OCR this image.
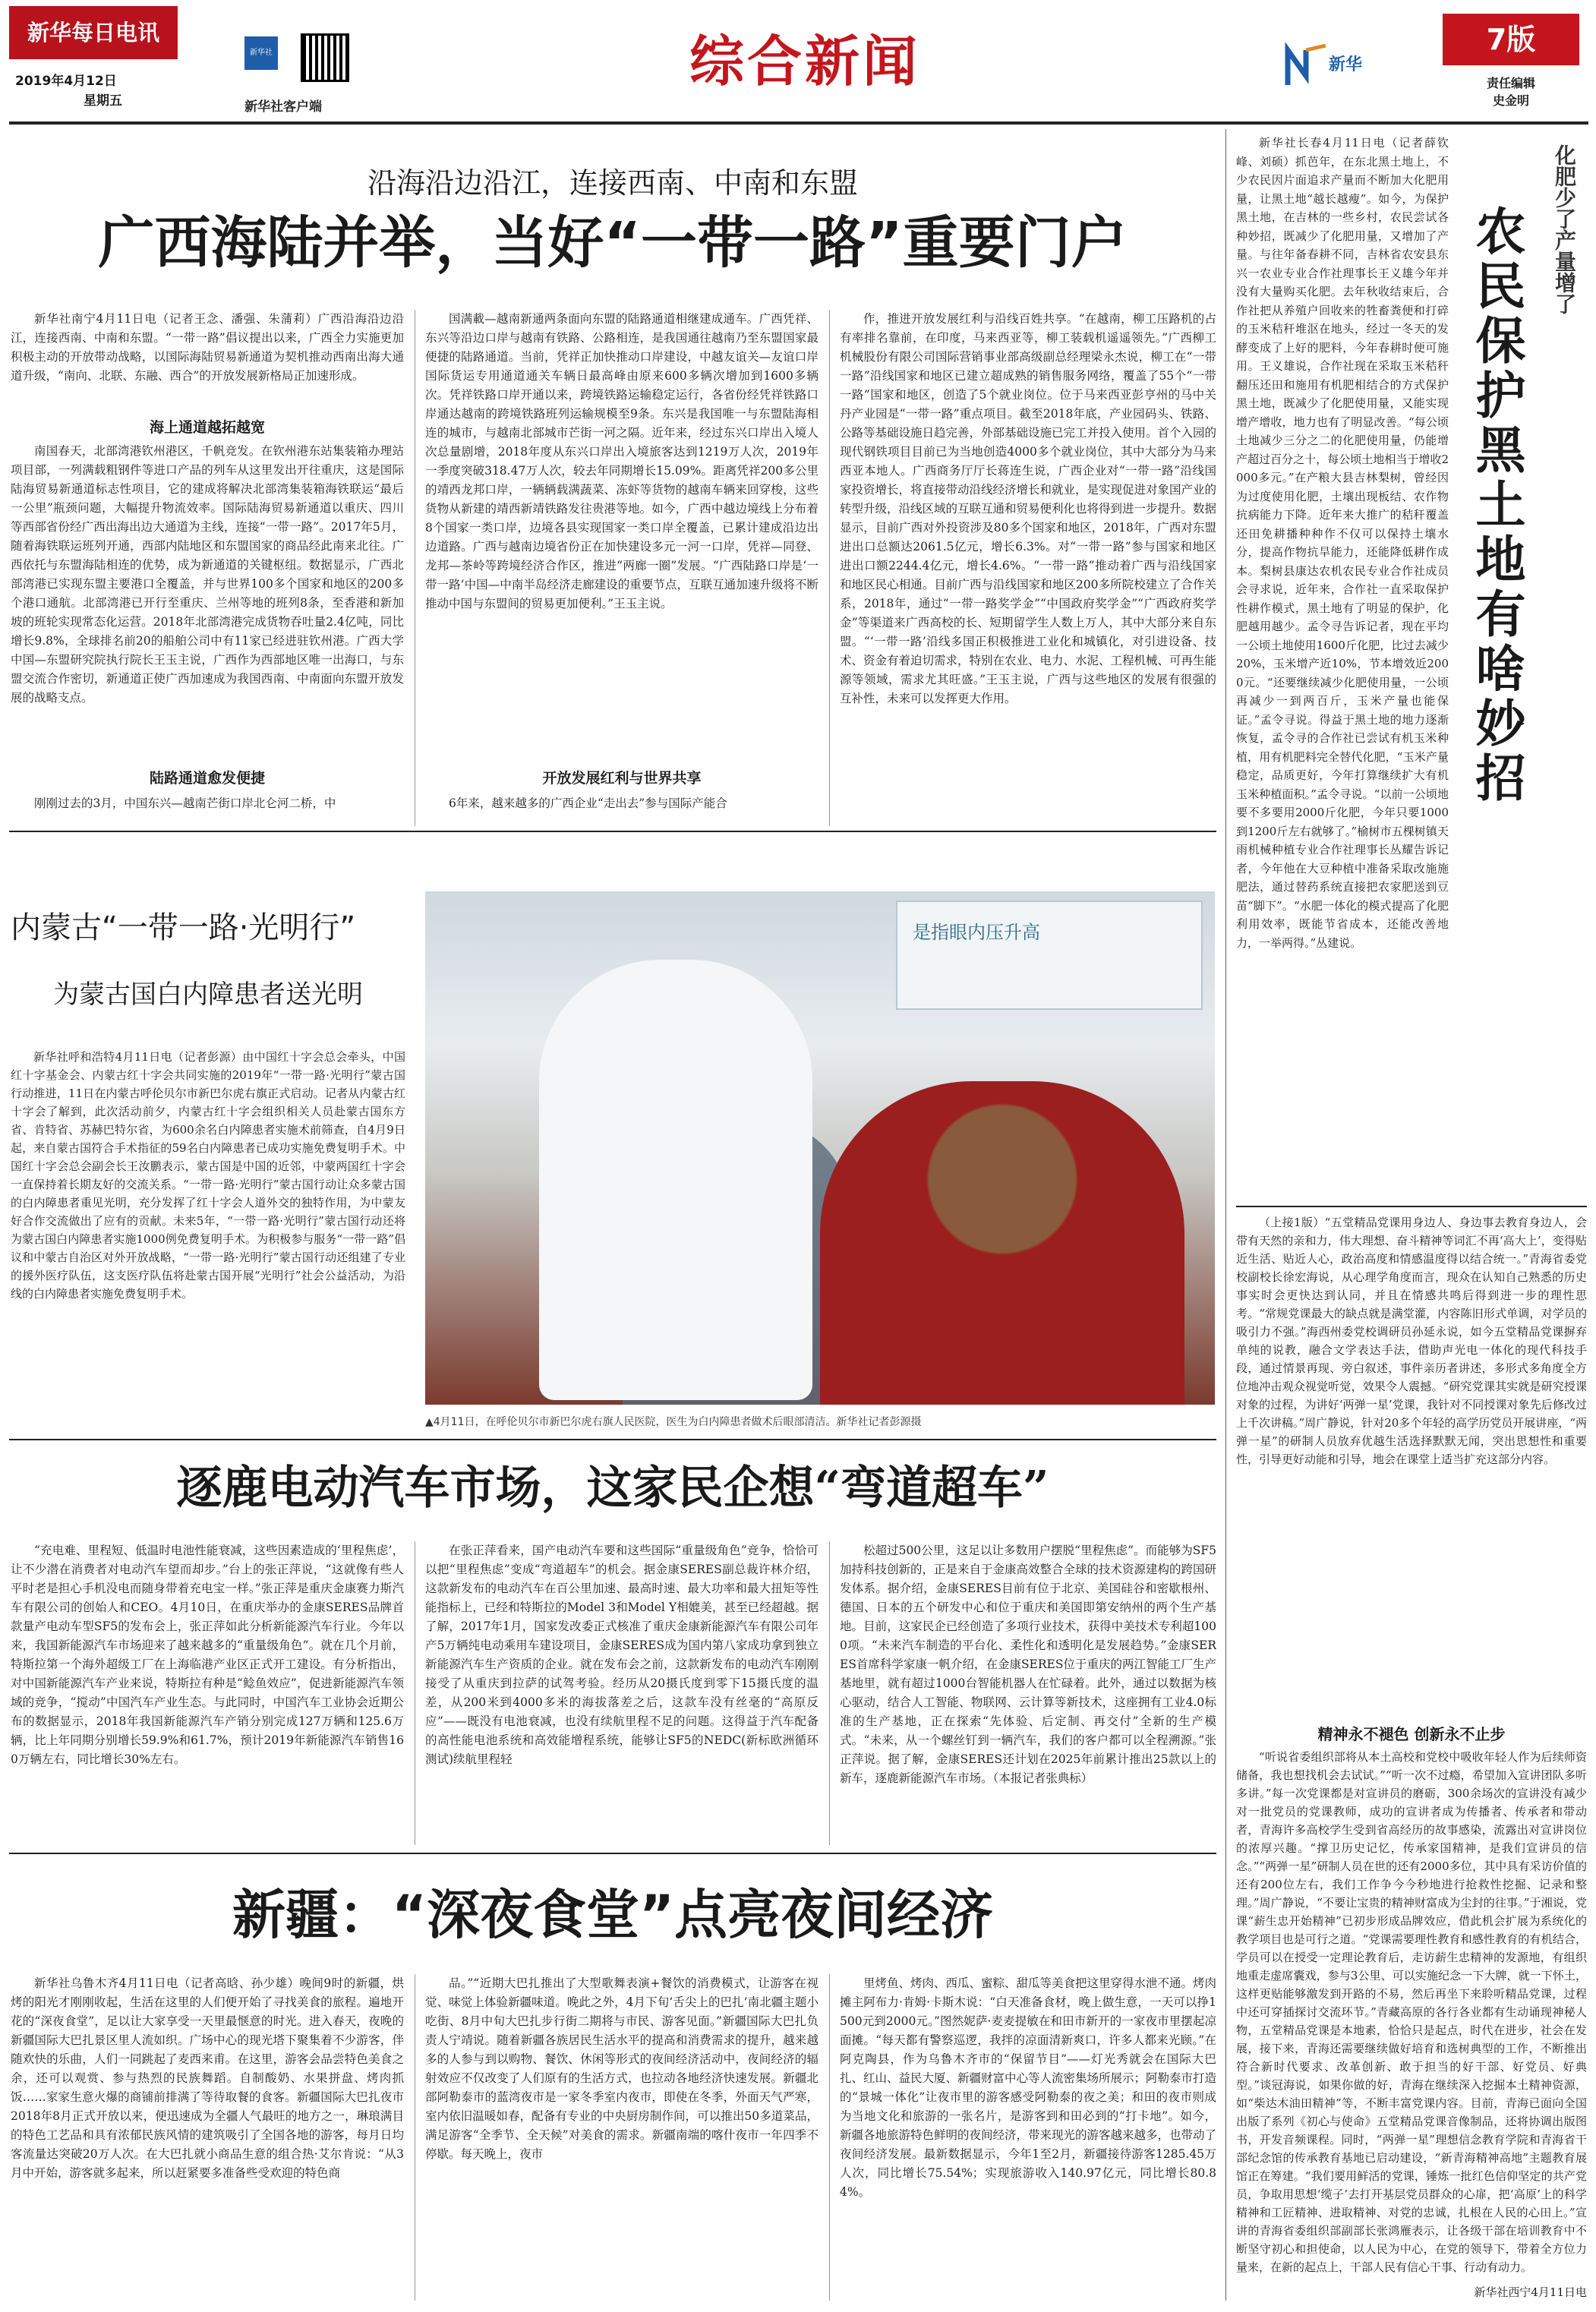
新华每日电讯
2019年4月12日
星期五
新华社
新华社客户端
综合新闻	新华
7版
责任编辑
史金明
沿海沿边沿江，连接西南、中南和东盟
广西海陆并举，当好“一带一路”重要门户

新华社南宁4月11日电（记者王念、潘强、朱蒲莉）广西沿海沿边沿江，连接西南、中南和东盟。“一带一路”倡议提出以来，广西全力实施更加积极主动的开放带动战略，以国际海陆贸易新通道为契机推动西南出海大通道升级，“南向、北联、东融、西合”的开放发展新格局正加速形成。

海上通道越拓越宽

南国春天，北部湾港钦州港区，千帆竞发。在钦州港东站集装箱办理站项目部，一列满载粗钢件等进口产品的列车从这里发出开往重庆，这是国际陆海贸易新通道标志性项目，它的建成将解决北部湾集装箱海铁联运“最后一公里”瓶颈问题，大幅提升物流效率。国际陆海贸易新通道以重庆、四川等西部省份经广西出海出边大通道为主线，连接“一带一路”。2017年5月，随着海铁联运班列开通，西部内陆地区和东盟国家的商品经此南来北往。广西依托与东盟海陆相连的优势，成为新通道的关键枢纽。数据显示，广西北部湾港已实现东盟主要港口全覆盖，并与世界100多个国家和地区的200多个港口通航。北部湾港已开行至重庆、兰州等地的班列8条，至香港和新加坡的班轮实现常态化运营。2018年北部湾港完成货物吞吐量2.4亿吨，同比增长9.8%，全球排名前20的船舶公司中有11家已经进驻钦州港。广西大学中国—东盟研究院执行院长王玉主说，广西作为西部地区唯一出海口，与东盟交流合作密切，新通道正使广西加速成为我国西南、中南面向东盟开放发展的战略支点。

陆路通道愈发便捷

刚刚过去的3月，中国东兴—越南芒街口岸北仑河二桥，中

国满載—越南新通两条面向东盟的陆路通道相继建成通车。广西凭祥、东兴等沿边口岸与越南有铁路、公路相连，是我国通往越南乃至东盟国家最便捷的陆路通道。当前，凭祥正加快推动口岸建设，中越友谊关—友谊口岸国际货运专用通道通关车辆日最高峰由原来600多辆次增加到1600多辆次。凭祥铁路口岸开通以来，跨境铁路运输稳定运行，各省份经凭祥铁路口岸通达越南的跨境铁路班列运输规模至9条。东兴是我国唯一与东盟陆海相连的城市，与越南北部城市芒街一河之隔。近年来，经过东兴口岸出入境人次总量剧增，2018年度从东兴口岸出入境旅客达到1219万人次，2019年一季度突破318.47万人次，较去年同期增长15.09%。距离凭祥200多公里的靖西龙邦口岸，一辆辆载满蔬菜、冻虾等货物的越南车辆来回穿梭，这些货物从新建的靖西新靖铁路发往贵港等地。如今，广西中越边境线上分布着8个国家一类口岸，边境各县实现国家一类口岸全覆盖，已累计建成沿边出边道路。广西与越南边境省份正在加快建设多元一河一口岸，凭祥—同登、龙邦—茶岭等跨境经济合作区，推进“两廊一圈”发展。“广西陆路口岸是‘一带一路’中国—中南半岛经济走廊建设的重要节点，互联互通加速升级将不断推动中国与东盟间的贸易更加便利。”王玉主说。

开放发展红利与世界共享

6年来，越来越多的广西企业“走出去”参与国际产能合

作，推进开放发展红利与沿线百姓共享。“在越南，柳工压路机的占有率排名靠前，在印度，马来西亚等，柳工装载机遥遥领先。”广西柳工机械股份有限公司国际营销事业部高级副总经理梁永杰说，柳工在“一带一路”沿线国家和地区已建立超成熟的销售服务网络，覆盖了55个“一带一路”国家和地区，创造了5个就业岗位。位于马来西亚彭亨州的马中关丹产业园是“一带一路”重点项目。截至2018年底，产业园码头、铁路、公路等基础设施日趋完善，外部基础设施已完工并投入使用。首个入园的现代钢铁项目目前已为当地创造4000多个就业岗位，其中大部分为马来西亚本地人。广西商务厅厅长蒋连生说，广西企业对“一带一路”沿线国家投资增长，将直接带动沿线经济增长和就业，是实现促进对象国产业的转型升级，沿线区域的互联互通和贸易便利化也将得到进一步提升。数据显示，目前广西对外投资涉及80多个国家和地区，2018年，广西对东盟进出口总额达2061.5亿元，增长6.3%。对“一带一路”参与国家和地区进出口额2244.4亿元，增长4.6%。“一带一路”推动着广西与沿线国家和地区民心相通。目前广西与沿线国家和地区200多所院校建立了合作关系，2018年，通过“一带一路奖学金”“中国政府奖学金”“广西政府奖学金”等渠道来广西高校的长、短期留学生人数上万人，其中大部分来自东盟。“‘一带一路’沿线多国正积极推进工业化和城镇化，对引进设备、技术、资金有着迫切需求，特别在农业、电力、水泥、工程机械、可再生能源等领域，需求尤其旺盛。”王玉主说，广西与这些地区的发展有很强的互补性，未来可以发挥更大作用。

内蒙古“一带一路·光明行”
为蒙古国白内障患者送光明

新华社呼和浩特4月11日电（记者彭源）由中国红十字会总会牵头，中国红十字基金会、内蒙古红十字会共同实施的2019年“一带一路·光明行”蒙古国行动推进，11日在内蒙古呼伦贝尔市新巴尔虎右旗正式启动。记者从内蒙古红十字会了解到，此次活动前夕，内蒙古红十字会组织相关人员赴蒙古国东方省、肯特省、苏赫巴特尔省，为600余名白内障患者实施术前筛查，自4月9日起，来自蒙古国符合手术指征的59名白内障患者已成功实施免费复明手术。中国红十字会总会副会长王汝鹏表示，蒙古国是中国的近邻，中蒙两国红十字会一直保持着长期友好的交流关系。“一带一路·光明行”蒙古国行动让众多蒙古国的白内障患者重见光明，充分发挥了红十字会人道外交的独特作用，为中蒙友好合作交流做出了应有的贡献。未来5年，“一带一路·光明行”蒙古国行动还将为蒙古国白内障患者实施1000例免费复明手术。为积极参与服务“一带一路”倡议和中蒙古自治区对外开放战略，“一带一路·光明行”蒙古国行动还组建了专业的援外医疗队伍，这支医疗队伍将赴蒙古国开展“光明行”社会公益活动，为沿线的白内障患者实施免费复明手术。

是指眼内压升高
▲4月11日，在呼伦贝尔市新巴尔虎右旗人民医院，医生为白内障患者做术后眼部清洁。新华社记者彭源摄
逐鹿电动汽车市场，这家民企想“弯道超车”

“充电难、里程短、低温时电池性能衰减，这些因素造成的‘里程焦虑’，让不少潜在消费者对电动汽车望而却步。”台上的张正萍说，“这就像有些人平时老是担心手机没电而随身带着充电宝一样。”张正萍是重庆金康赛力斯汽车有限公司的创始人和CEO。4月10日，在重庆举办的金康SERES品牌首款量产电动车型SF5的发布会上，张正萍如此分析新能源汽车行业。今年以来，我国新能源汽车市场迎来了越来越多的“重量级角色”。就在几个月前，特斯拉第一个海外超级工厂在上海临港产业区正式开工建设。有分析指出，对中国新能源汽车产业来说，特斯拉有种是“鲶鱼效应”，促进新能源汽车领域的竞争，“搅动”中国汽车产业生态。与此同时，中国汽车工业协会近期公布的数据显示，2018年我国新能源汽车产销分别完成127万辆和125.6万辆，比上年同期分别增长59.9%和61.7%，预计2019年新能源汽车销售160万辆左右，同比增长30%左右。

在张正萍看来，国产电动汽车要和这些国际“重量级角色”竞争，恰恰可以把“里程焦虑”变成“弯道超车”的机会。据金康SERES副总裁许林介绍，这款新发布的电动汽车在百公里加速、最高时速、最大功率和最大扭矩等性能指标上，已经和特斯拉的Model 3和Model Y相媲美，甚至已经超越。据了解，2017年1月，国家发改委正式核准了重庆金康新能源汽车有限公司年产5万辆纯电动乘用车建设项目，金康SERES成为国内第八家成功拿到独立新能源汽车生产资质的企业。就在发布会之前，这款新发布的电动汽车刚刚接受了从重庆到拉萨的试驾考验。经历从20摄氏度到零下15摄氏度的温差，从200米到4000多米的海拔落差之后，这款车没有丝毫的“高原反应”——既没有电池衰减，也没有续航里程不足的问题。这得益于汽车配备的高性能电池系统和高效能增程系统，能够让SF5的NEDC(新标欧洲循环测试)续航里程轻

松超过500公里，这足以让多数用户摆脱“里程焦虑”。而能够为SF5加持科技创新的，正是来自于金康高效整合全球的技术资源建构的跨国研发体系。据介绍，金康SERES目前有位于北京、美国硅谷和密歇根州、德国、日本的五个研发中心和位于重庆和美国即第安纳州的两个生产基地。目前，这家民企已经创造了多项行业技术，获得中美技术专利超1000项。“未来汽车制造的平台化、柔性化和透明化是发展趋势。”金康SERES首席科学家康一帆介绍，在金康SERES位于重庆的两江智能工厂生产基地里，就有超过1000台智能机器人在忙碌着。此外，通过以数据为核心驱动，结合人工智能、物联网、云计算等新技术，这座拥有工业4.0标准的生产基地，正在探索“先体验、后定制、再交付”全新的生产模式。“未来，从一个螺丝钉到一辆汽车，我们的客户都可以全程溯源。”张正萍说。据了解，金康SERES还计划在2025年前累计推出25款以上的新车，逐鹿新能源汽车市场。（本报记者张典标）

新疆：“深夜食堂”点亮夜间经济

新华社乌鲁木齐4月11日电（记者高晗、孙少雄）晚间9时的新疆，烘烤的阳光才刚刚收起，生活在这里的人们便开始了寻找美食的旅程。遍地开花的“深夜食堂”，足以让大家享受一天里最惬意的时光。进入春天，夜晚的新疆国际大巴扎景区里人流如织。广场中心的现光塔下聚集着不少游客，伴随欢快的乐曲，人们一同跳起了麦西来甫。在这里，游客会品尝特色美食之余，还可以观赏、参与热烈的民族舞蹈。自制酸奶、水果拼盘、烤肉抓饭……家家生意火爆的商铺前排满了等待取餐的食客。新疆国际大巴扎夜市2018年8月正式开放以来，便迅速成为全疆人气最旺的地方之一，琳琅满目的特色工艺品和具有浓郁民族风情的建筑吸引了全国各地的游客，每月日均客流量达突破20万人次。在大巴扎就小商品生意的组合热·艾尔肯说：“从3月中开始，游客就多起来，所以赶紧要多准备些受欢迎的特色商

品。”“近期大巴扎推出了大型歌舞表演+餐饮的消费模式，让游客在视觉、味觉上体验新疆味道。晚此之外，4月下旬‘舌尖上的巴扎’南北疆主题小吃街、8月中旬大巴扎步行街二期将与市民、游客见面。”新疆国际大巴扎负责人宁靖说。随着新疆各族居民生活水平的提高和消费需求的提升，越来越多的人参与到以购物、餐饮、休闲等形式的夜间经济活动中，夜间经济的辐射效应不仅改变了人们原有的生活方式，也拉动各地经济快速发展。新疆北部阿勒泰市的蓝湾夜市是一家冬季室内夜市，即使在冬季，外面天气严寒，室内依旧温暖如春，配备有专业的中央厨房制作间，可以推出50多道菜品，满足游客“全季节、全天候”对美食的需求。新疆南端的喀什夜市一年四季不停歇。每天晚上，夜市

里烤鱼、烤肉、西瓜、蜜粽、甜瓜等美食把这里穿得水泄不通。烤肉摊主阿布力·肯姆·卡斯木说：“白天准备食材，晚上做生意，一天可以挣1500元到2000元。”图然妮萨·麦麦提敏在和田市新开的一家夜市里摆起凉面摊。“每天都有警察巡逻，我拌的凉面清新爽口，许多人都来光顾。”在阿克陶县，作为乌鲁木齐市的“保留节目”——灯光秀就会在国际大巴扎、红山、益民大厦、新疆财富中心等人流密集场所展示；阿勒泰市打造的“景城一体化”让夜市里的游客感受阿勒泰的夜之美；和田的夜市则成为当地文化和旅游的一张名片，是游客到和田必到的“打卡地”。如今，新疆各地旅游特色鲜明的夜间经济，带来现光的游客越来越多，也带动了夜间经济发展。最新数据显示，今年1至2月，新疆接待游客1285.45万人次，同比增长75.54%；实现旅游收入140.97亿元，同比增长80.84%。

新华社长春4月11日电（记者薛钦峰、刘硕）抓芭年，在东北黑土地上，不少农民因片面追求产量而不断加大化肥用量，让黑土地“越长越瘦”。如今，为保护黑土地，在吉林的一些乡村，农民尝试各种妙招，既减少了化肥用量，又增加了产量。与往年备春耕不同，吉林省农安县东兴一农业专业合作社理事长王义雄今年并没有大量购买化肥。去年秋收结束后，合作社把从养殖户回收来的牲畜粪便和打碎的玉米秸秆堆沤在地头，经过一冬天的发酵变成了上好的肥料，今年春耕时便可施用。王义雄说，合作社现在采取玉米秸秆翻压还田和施用有机肥相结合的方式保护黑土地，既减少了化肥使用量，又能实现增产增收，地力也有了明显改善。“每公顷土地减少三分之二的化肥使用量，仍能增产超过百分之十，每公顷土地相当于增收2000多元。”在产粮大县吉林梨树，曾经因为过度使用化肥，土壤出现板结、农作物抗病能力下降。近年来大推广的秸秆覆盖还田免耕播种种作不仅可以保持土壤水分，提高作物抗旱能力，还能降低耕作成本。梨树县康达农机农民专业合作社成员会寻求说，近年来，合作社一直采取保护性耕作模式，黑土地有了明显的保护，化肥越用越少。孟令寻告诉记者，现在平均一公顷土地使用1600斤化肥，比过去减少20%，玉米增产近10%，节本增效近2000元。“还要继续减少化肥使用量，一公顷再减少一到两百斤，玉米产量也能保证。”孟令寻说。得益于黑土地的地力逐渐恢复，孟令寻的合作社已尝试有机玉米种植，用有机肥料完全替代化肥，“玉米产量稳定，品质更好，今年打算继续扩大有机玉米种植面积。”孟令寻说。“以前一公顷地要不多要用2000斤化肥，今年只要1000到1200斤左右就够了。”榆树市五棵树镇天雨机械种植专业合作社理事长丛耀告诉记者，今年他在大豆种植中准备采取改施施肥法，通过替药系统直接把农家肥送到豆苗“脚下”。“水肥一体化的模式提高了化肥利用效率，既能节省成本，还能改善地力，一举两得。”丛建说。

化肥少了产量增了
农民保护黑土地有啥妙招

（上接1版）“五堂精品党课用身边人、身边事去教育身边人，会带有天然的亲和力，伟大理想、奋斗精神等词汇不再‘高大上’，变得贴近生活、贴近人心，政治高度和情感温度得以结合统一。”青海省委党校副校长徐宏海说，从心理学角度而言，现众在认知自己熟悉的历史事实时会更快达到认同，并且在情感共鸣后得到进一步的理性思考。“常规党课最大的缺点就是满堂灌，内容陈旧形式单调，对学员的吸引力不强。”海西州委党校调研员孙延永说，如今五堂精品党课摒弃单纯的说教，融合文学表达手法，借助声光电一体化的现代科技手段，通过情景再现、旁白叙述，事件亲历者讲述，多形式多角度全方位地冲击观众视觉听觉，效果令人震撼。“研究党课其实就是研究授课对象的过程，为讲好‘两弹一星’党课，我针对不同授课对象先后修改过上千次讲稿。”周广静说，针对20多个年轻的高学历党员开展讲座，“两弹一星”的研制人员放弃优越生活选择默默无闻，突出思想性和重要性，引导更好动能和引导，地会在课堂上适当扩充这部分内容。

精神永不褪色 创新永不止步

“听说省委组织部将从本土高校和党校中吸收年轻人作为后续师资储备，我也想找机会去试试。”“听一次不过瘾，希望加入宣讲团队多听多讲。”每一次党课都是对宣讲员的磨砺，300余场次的宣讲没有减少对一批党员的党课教师，成功的宣讲者成为传播者、传承者和带动者，青海许多高校学生受到省高经历的故事感染，流露出对宣讲岗位的浓厚兴趣。“撑卫历史记忆，传承家国精神，是我们宣讲员的信念。”“两弹一星”研制人员在世的还有2000多位，其中具有采访价值的还有200位左右，我们工作争今今秒地进行抢救性挖掘、记录和整理。”周广静说，“不要让宝贵的精神财富成为尘封的往事。”于湘说，党课“薪生忠开始精神”已初步形成品牌效应，借此机会扩展为系统化的教学项目也是可行之道。“党课需要理性教育和感性教育的有机结合，学员可以在授受一定理论教育后，走访薪生忠精神的发源地，有组织地重走虚席囊戏，参与3公里、可以实施纪念一下大牌，就一下怀土，这样更贴能够激发到开路的不易，然后再坐下来聆听精品党课，过程中还可穿插探讨交流环节。”青藏高原的各行各业都有生动诵现神秘人物，五堂精品党课是本地素，恰恰只是起点，时代在进步，社会在发展，接下来，青海还需要继续做好培育和选树典型的工作，不断推出符合新时代要求、改革创新、敢于担当的好干部、好党员、好典型。”谈冠海说，如果你做的好，青海在继续深入挖掘本土精神资源，如“柴达木油田精神”等，不断丰富党课内容。目前，青海已面向全国出版了系列《初心与使命》五堂精品党课音像制品，还将协调出版图书，开发音频课程。同时，“两弹一星”理想信念教育学院和青海省干部纪念馆的传承教育基地已启动建设，“新青海精神高地”主题教育展馆正在筹建。“我们要用鲜活的党课，锤炼一批红色信仰坚定的共产党员，争取用思想‘缆子’去打开基层党员群众的心扉，把‘高原’上的科学精神和工匠精神、进取精神、对党的忠诚，扎根在人民的心田上。”宣讲的青海省委组织部副部长张鸿雁表示，让各级干部在培训教育中不断坚守初心和担使命，以人民为中心，在党的领导下，带着全方位力量来，在新的起点上，干部人民有信心干事、行动有动力。

新华社西宁4月11日电
